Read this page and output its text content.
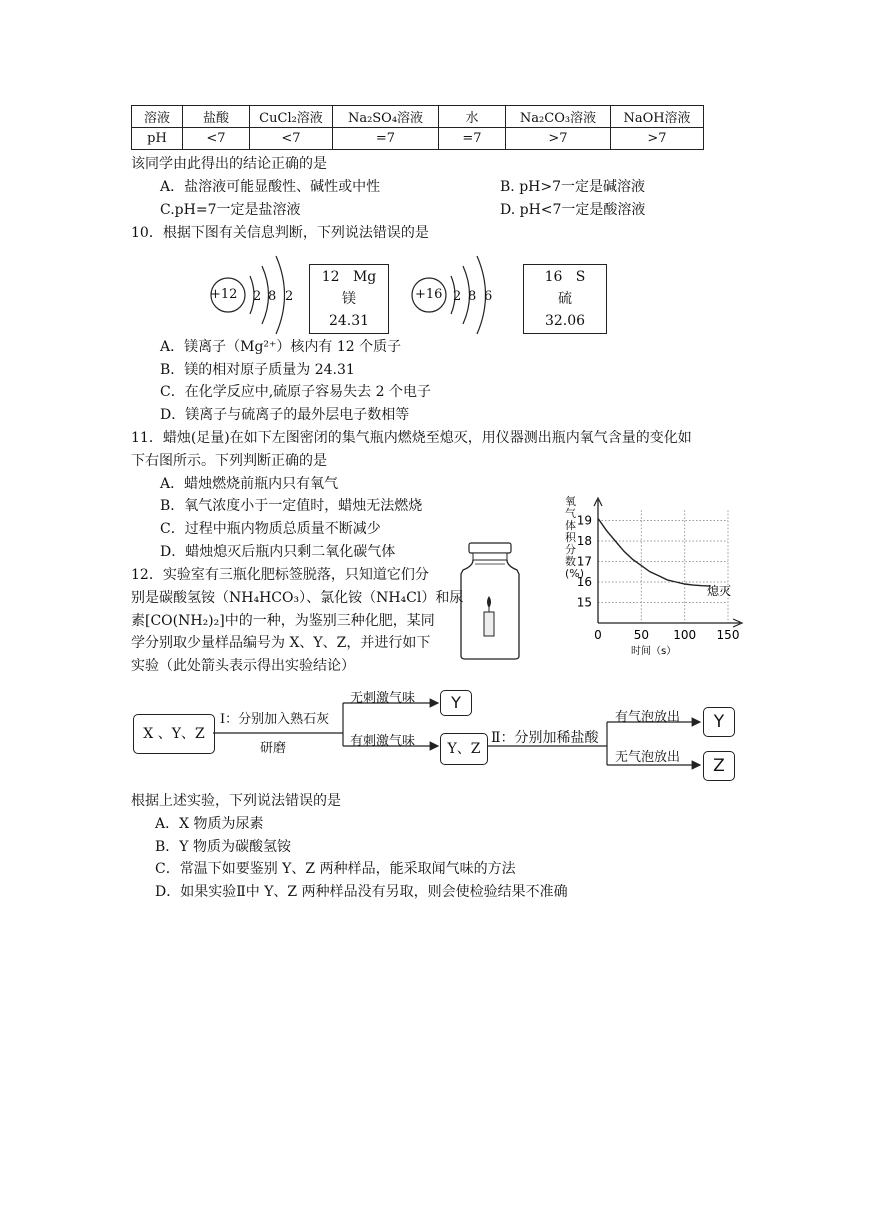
溶液	盐酸	CuCl₂溶液	Na₂SO₄溶液	水	Na₂CO₃溶液	NaOH溶液
pH	<7	<7	=7	=7	>7	>7
该同学由此得出的结论正确的是
A．盐溶液可能显酸性、碱性或中性	B. pH>7一定是碱溶液
C.pH=7一定是盐溶液	D. pH<7一定是酸溶液
10．根据下图有关信息判断，下列说法错误的是
+12 2 8 2
12 Mg
镁
24.31
+16 2 8 6
16 S
硫
32.06
A．镁离子（Mg²⁺）核内有 12 个质子
B．镁的相对原子质量为 24.31
C．在化学反应中,硫原子容易失去 2 个电子
D．镁离子与硫离子的最外层电子数相等
11．蜡烛(足量)在如下左图密闭的集气瓶内燃烧至熄灭，用仪器测出瓶内氧气含量的变化如
下右图所示。下列判断正确的是
A．蜡烛燃烧前瓶内只有氧气
B．氧气浓度小于一定值时，蜡烛无法燃烧
C．过程中瓶内物质总质量不断减少
D．蜡烛熄灭后瓶内只剩二氧化碳气体
15
16
17
18
19
0	50 100 150
熄灭
时间（s）
氧气体积分数(%)
12．实验室有三瓶化肥标签脱落，只知道它们分
别是碳酸氢铵（NH₄HCO₃）、氯化铵（NH₄Cl）和尿
素[CO(NH₂)₂]中的一种，为鉴别三种化肥，某同
学分别取少量样品编号为 X、Y、Z，并进行如下
实验（此处箭头表示得出实验结论）
X 、Y、Z
Ⅰ：分别加入熟石灰
研磨
无刺激气味	Y
有刺激气味	Y、Z
Ⅱ：分别加稀盐酸
有气泡放出	Y
无气泡放出	Z
根据上述实验，下列说法错误的是
A．X 物质为尿素
B．Y 物质为碳酸氢铵
C．常温下如要鉴别 Y、Z 两种样品，能采取闻气味的方法
D．如果实验Ⅱ中 Y、Z 两种样品没有另取，则会使检验结果不准确
